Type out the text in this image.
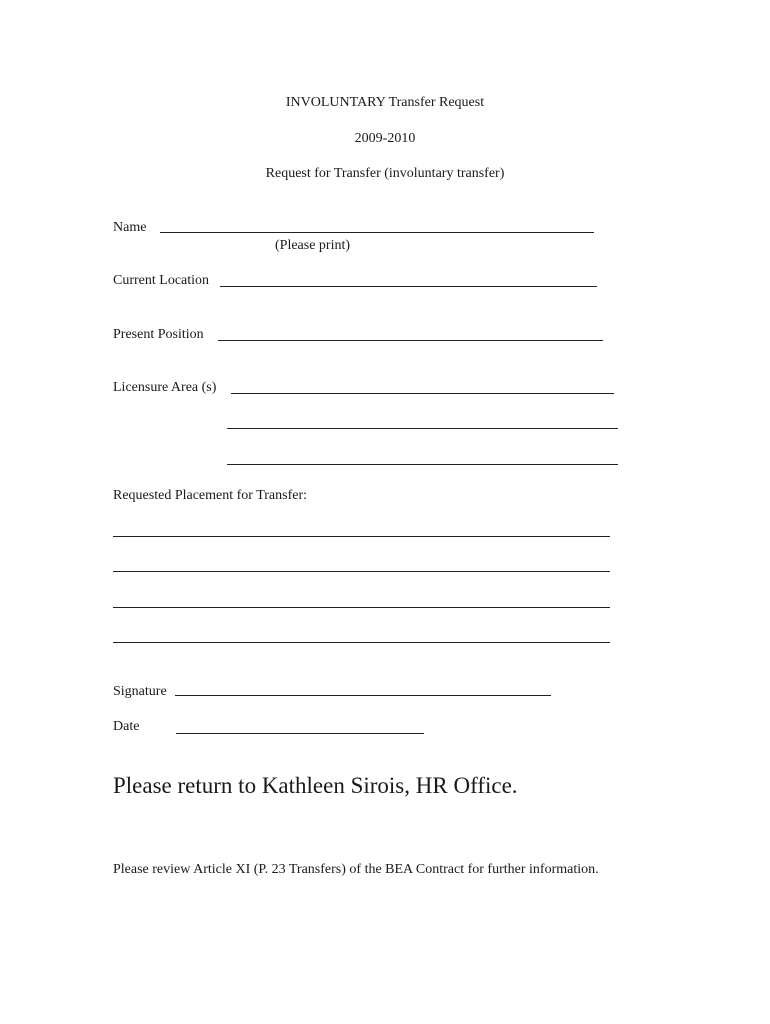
INVOLUNTARY Transfer Request
2009-2010
Request for Transfer (involuntary transfer)
Name
(Please print)
Current Location
Present Position
Licensure Area (s)
Requested Placement for Transfer:
Signature
Date
Please return to Kathleen Sirois, HR Office.
Please review Article XI (P. 23 Transfers) of the BEA Contract for further information.
